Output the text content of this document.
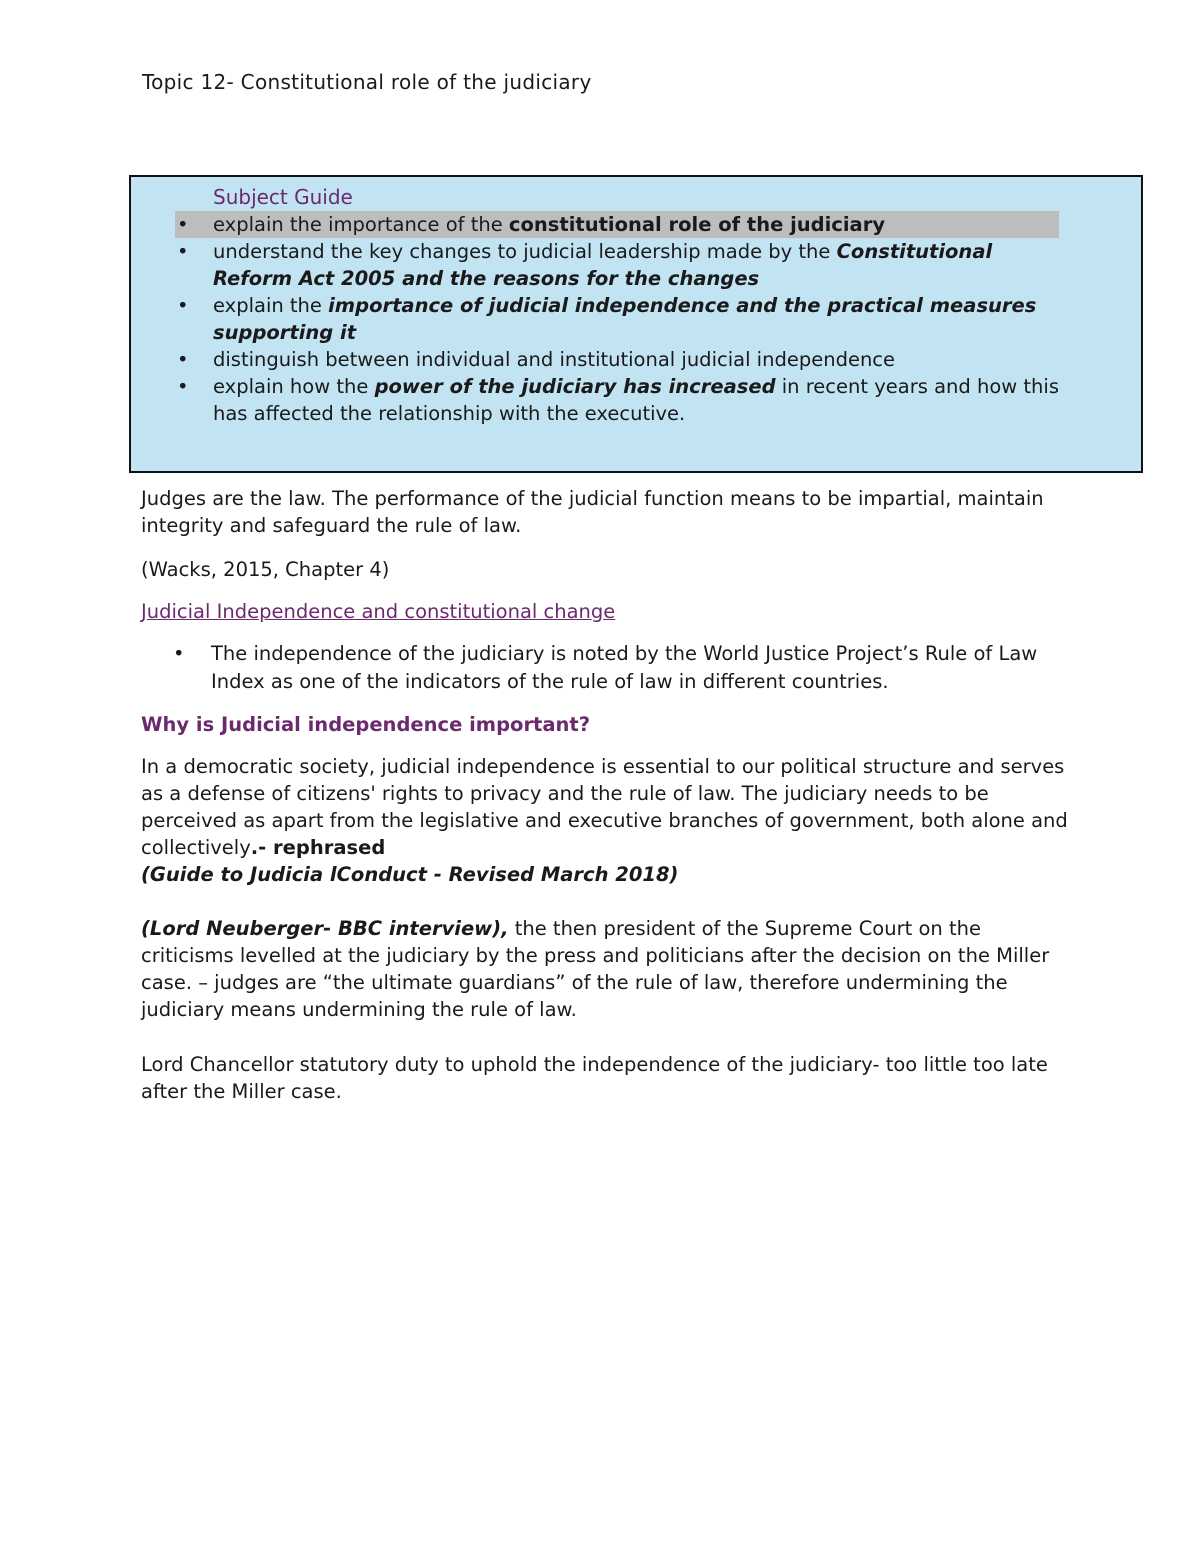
Topic 12- Constitutional role of the judiciary
Subject Guide
• explain the importance of the constitutional role of the judiciary
• understand the key changes to judicial leadership made by the Constitutional Reform Act 2005 and the reasons for the changes
• explain the importance of judicial independence and the practical measures supporting it
• distinguish between individual and institutional judicial independence
• explain how the power of the judiciary has increased in recent years and how this has affected the relationship with the executive.
Judges are the law. The performance of the judicial function means to be impartial, maintain integrity and safeguard the rule of law.
(Wacks, 2015, Chapter 4)
Judicial Independence and constitutional change
•	The independence of the judiciary is noted by the World Justice Project’s Rule of Law Index as one of the indicators of the rule of law in different countries.
Why is Judicial independence important?
In a democratic society, judicial independence is essential to our political structure and serves as a defense of citizens' rights to privacy and the rule of law. The judiciary needs to be perceived as apart from the legislative and executive branches of government, both alone and collectively.- rephrased
(Guide to Judicia lConduct - Revised March 2018)
(Lord Neuberger- BBC interview), the then president of the Supreme Court on the criticisms levelled at the judiciary by the press and politicians after the decision on the Miller case. – judges are “the ultimate guardians” of the rule of law, therefore undermining the judiciary means undermining the rule of law.
Lord Chancellor statutory duty to uphold the independence of the judiciary- too little too late after the Miller case.
